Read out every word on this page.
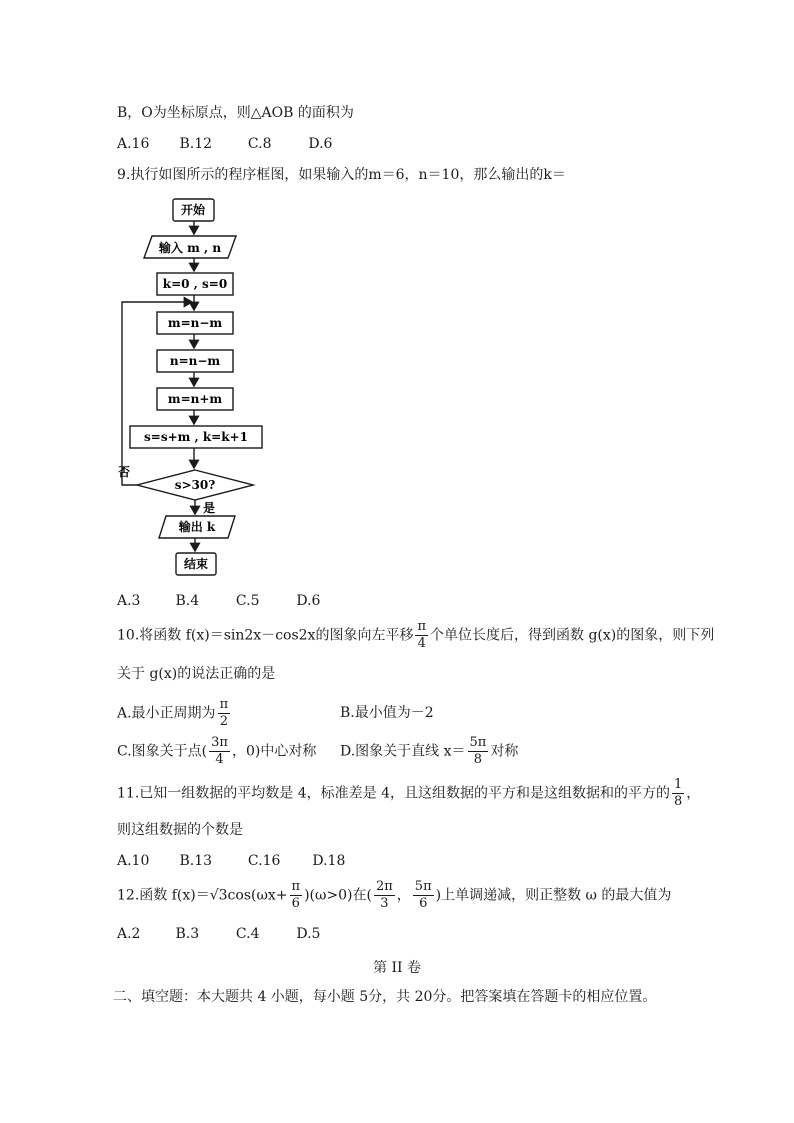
B，O为坐标原点，则△AOB 的面积为
A.16 B.12	C.8	D.6
9.执行如图所示的程序框图，如果输入的m＝6，n＝10，那么输出的k＝
开始
输入 m , n
k=0 , s=0
m=n−m
n=n−m
m=n+m
s=s+m , k=k+1
s>30?
否
是
输出 k
结束
A.3 B.4	C.5	D.6
10.将函数 f(x)＝sin2x－cos2x的图象向左平移 $\frac{\pi}{4}$ 个单位长度后，得到函数 g(x)的图象，则下列
关于 g(x)的说法正确的是
A.最小正周期为 $\frac{\pi}{2}$	B.最小值为－2
C.图象关于点( $\frac{3\pi}{4}$ ，0)中心对称 D.图象关于直线 $x= \frac{5\pi}{8}$ 对称
11.已知一组数据的平均数是 4，标准差是 4，且这组数据的平方和是这组数据和的平方的 $\frac{1}{8}$ ，
则这组数据的个数是
A.10 B.13	C.16 D.18
12.函数 $f(x)=√3\cos(\omega x+ \frac{\pi}{6} )(\omega>0)$在( $\frac{2\pi}{3}$ ， $\frac{5\pi}{6}$ )上单调递减，则正整数 ω 的最大值为
A.2 B.3	C.4	D.5
第 II 卷
二、填空题：本大题共 4 小题，每小题 5分，共 20分。把答案填在答题卡的相应位置。
